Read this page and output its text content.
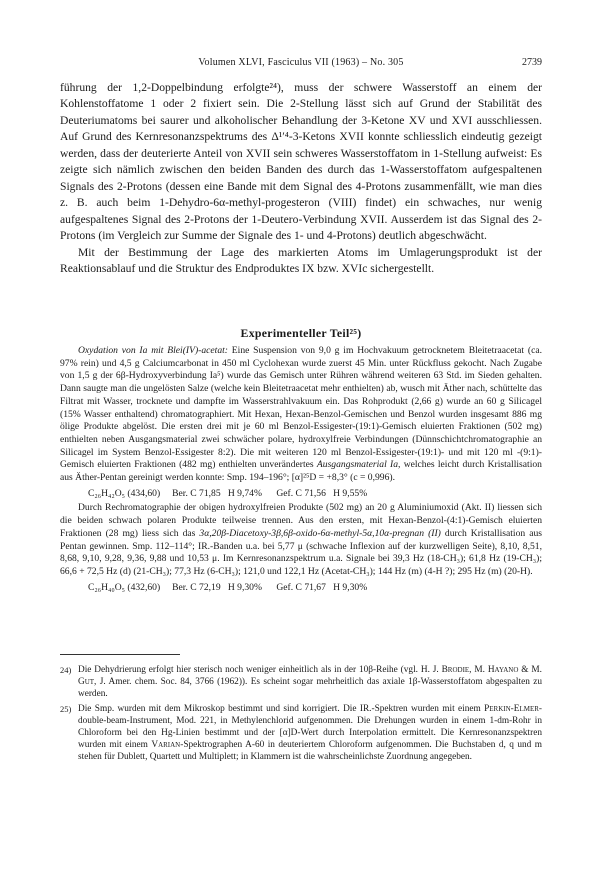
Volumen XLVI, Fasciculus VII (1963) – No. 305	2739

führung der 1,2-Doppelbindung erfolgte²⁴), muss der schwere Wasserstoff an einem der Kohlenstoffatome 1 oder 2 fixiert sein. Die 2-Stellung lässt sich auf Grund der Stabilität des Deuteriumatoms bei saurer und alkoholischer Behandlung der 3-Ketone XV und XVI ausschliessen. Auf Grund des Kernresonanzspektrums des Δ¹′⁴-3-Ketons XVII konnte schliesslich eindeutig gezeigt werden, dass der deuterierte Anteil von XVII sein schweres Wasserstoffatom in 1-Stellung aufweist: Es zeigte sich nämlich zwischen den beiden Banden des durch das 1-Wasserstoffatom aufgespaltenen Signals des 2-Protons (dessen eine Bande mit dem Signal des 4-Protons zusammenfällt, wie man dies z. B. auch beim 1-Dehydro-6α-methyl-progesteron (VIII) findet) ein schwaches, nur wenig aufgespaltenes Signal des 2-Protons der 1-Deutero-Verbindung XVII. Ausserdem ist das Signal des 2-Protons (im Vergleich zur Summe der Signale des 1- und 4-Protons) deutlich abgeschwächt.

Mit der Bestimmung der Lage des markierten Atoms im Umlagerungsprodukt ist der Reaktionsablauf und die Struktur des Endproduktes IX bzw. XVIc sichergestellt.

Experimenteller Teil²⁵)

Oxydation von Ia mit Blei(IV)-acetat: Eine Suspension von 9,0 g im Hochvakuum getrocknetem Bleitetraacetat (ca. 97% rein) und 4,5 g Calciumcarbonat in 450 ml Cyclohexan wurde zuerst 45 Min. unter Rückfluss gekocht. Nach Zugabe von 1,5 g der 6β-Hydroxyverbindung Ia⁵) wurde das Gemisch unter Rühren während weiteren 63 Std. im Sieden gehalten. Dann saugte man die ungelösten Salze (welche kein Bleitetraacetat mehr enthielten) ab, wusch mit Äther nach, schüttelte das Filtrat mit Wasser, trocknete und dampfte im Wasserstrahlvakuum ein. Das Rohprodukt (2,66 g) wurde an 60 g Silicagel (15% Wasser enthaltend) chromatographiert. Mit Hexan, Hexan-Benzol-Gemischen und Benzol wurden insgesamt 886 mg ölige Produkte abgelöst. Die ersten drei mit je 60 ml Benzol-Essigester-(19:1)-Gemisch eluierten Fraktionen (502 mg) enthielten neben Ausgangsmaterial zwei schwächer polare, hydroxylfreie Verbindungen (Dünnschichtchromatographie an Silicagel im System Benzol-Essigester 8:2). Die mit weiteren 120 ml Benzol-Essigester-(19:1)- und mit 120 ml -(9:1)-Gemisch eluierten Fraktionen (482 mg) enthielten unverändertes Ausgangsmaterial Ia, welches leicht durch Kristallisation aus Äther-Pentan gereinigt werden konnte: Smp. 194–196°; [α]²⁵D = +8,3° (c = 0,996).

C₂₆H₄₂O₅ (434,60)     Ber. C 71,85   H 9,74%      Gef. C 71,56   H 9,55%

Durch Rechromatographie der obigen hydroxylfreien Produkte (502 mg) an 20 g Aluminiumoxid (Akt. II) liessen sich die beiden schwach polaren Produkte teilweise trennen. Aus den ersten, mit Hexan-Benzol-(4:1)-Gemisch eluierten Fraktionen (28 mg) liess sich das 3α,20β-Diacetoxy-3β,6β-oxido-6α-methyl-5α,10α-pregnan (II) durch Kristallisation aus Pentan gewinnen. Smp. 112–114°; IR.-Banden u.a. bei 5,77 μ (schwache Inflexion auf der kurzwelligen Seite), 8,10, 8,51, 8,68, 9,10, 9,28, 9,36, 9,88 und 10,53 μ. Im Kernresonanzspektrum u.a. Signale bei 39,3 Hz (18-CH₃); 61,8 Hz (19-CH₃); 66,6 + 72,5 Hz (d) (21-CH₃); 77,3 Hz (6-CH₃); 121,0 und 122,1 Hz (Acetat-CH₃); 144 Hz (m) (4-H ?); 295 Hz (m) (20-H).

C₂₆H₄₀O₅ (432,60)     Ber. C 72,19   H 9,30%      Gef. C 71,67   H 9,30%
24) Die Dehydrierung erfolgt hier sterisch noch weniger einheitlich als in der 10β-Reihe (vgl. H. J. Brodie, M. Hayano & M. Gut, J. Amer. chem. Soc. 84, 3766 (1962)). Es scheint sogar mehrheitlich das axiale 1β-Wasserstoffatom abgespalten zu werden.
25) Die Smp. wurden mit dem Mikroskop bestimmt und sind korrigiert. Die IR.-Spektren wurden mit einem Perkin-Elmer-double-beam-Instrument, Mod. 221, in Methylenchlorid aufgenommen. Die Drehungen wurden in einem 1-dm-Rohr in Chloroform bei den Hg-Linien bestimmt und der [α]D-Wert durch Interpolation ermittelt. Die Kernresonanzspektren wurden mit einem Varian-Spektrographen A-60 in deuteriertem Chloroform aufgenommen. Die Buchstaben d, q und m stehen für Dublett, Quartett und Multiplett; in Klammern ist die wahrscheinlichste Zuordnung angegeben.
